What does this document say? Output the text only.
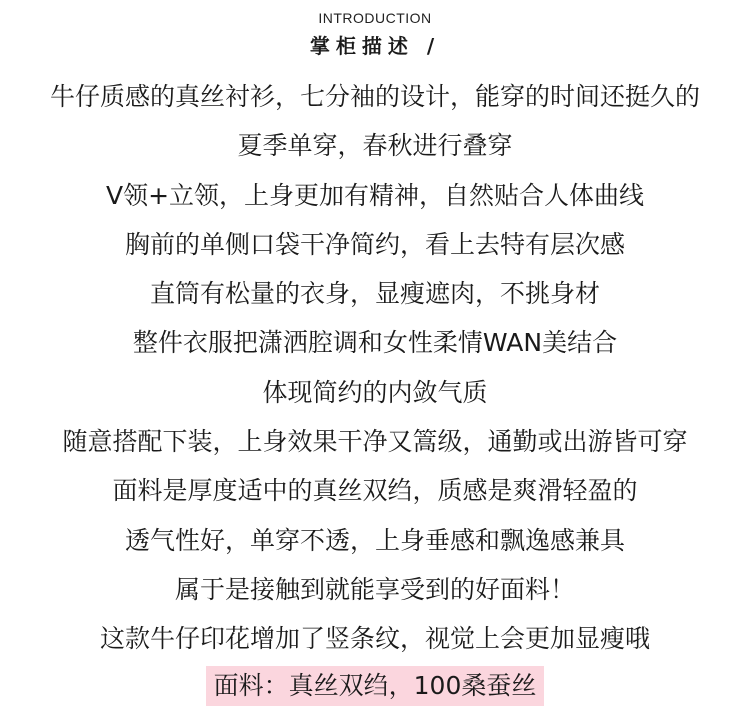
INTRODUCTION

掌柜描述 /

牛仔质感的真丝衬衫，七分袖的设计，能穿的时间还挺久的
夏季单穿，春秋进行叠穿
V领+立领，上身更加有精神，自然贴合人体曲线
胸前的单侧口袋干净简约，看上去特有层次感
直筒有松量的衣身，显瘦遮肉，不挑身材
整件衣服把潇洒腔调和女性柔情WAN美结合
体现简约的内敛气质
随意搭配下装，上身效果干净又篙级，通勤或出游皆可穿
面料是厚度适中的真丝双绉，质感是爽滑轻盈的
透气性好，单穿不透，上身垂感和飘逸感兼具
属于是接触到就能享受到的好面料！
这款牛仔印花增加了竖条纹，视觉上会更加显瘦哦
面料：真丝双绉，100桑蚕丝
